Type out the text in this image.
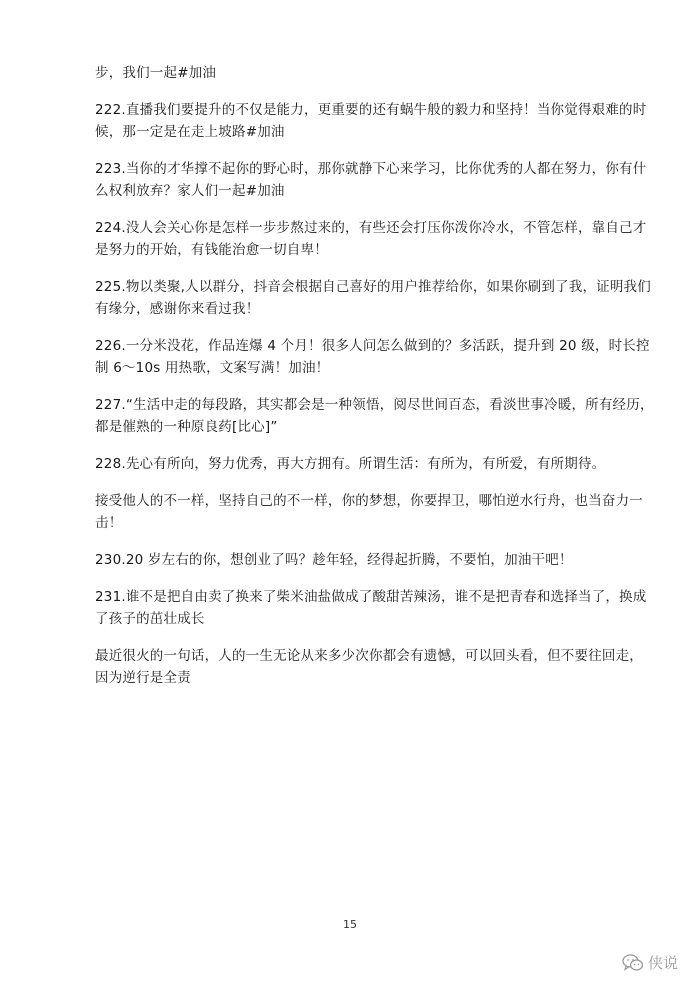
步，我们一起#加油

222.直播我们要提升的不仅是能力，更重要的还有蜗牛般的毅力和坚持！当你觉得艰难的时候，那一定是在走上坡路#加油

223.当你的才华撑不起你的野心时，那你就静下心来学习，比你优秀的人都在努力，你有什么权利放弃？家人们一起#加油

224.没人会关心你是怎样一步步熬过来的，有些还会打压你泼你冷水，不管怎样，靠自己才是努力的开始，有钱能治愈一切自卑！

225.物以类聚,人以群分，抖音会根据自己喜好的用户推荐给你，如果你刷到了我，证明我们有缘分，感谢你来看过我！

226.一分米没花，作品连爆 4 个月！很多人问怎么做到的？多活跃，提升到 20 级，时长控制 6～10s 用热歌，文案写满！加油！

227.“生活中走的每段路，其实都会是一种领悟，阅尽世间百态，看淡世事冷暖，所有经历，都是催熟的一种原良药[比心]”

228.先心有所向，努力优秀，再大方拥有。所谓生活：有所为，有所爱，有所期待。

接受他人的不一样，坚持自己的不一样，你的梦想，你要捍卫，哪怕逆水行舟，也当奋力一击！

230.20 岁左右的你，想创业了吗？趁年轻，经得起折腾，不要怕，加油干吧！

231.谁不是把自由卖了换来了柴米油盐做成了酸甜苦辣汤，谁不是把青春和选择当了，换成了孩子的茁壮成长

最近很火的一句话，人的一生无论从来多少次你都会有遗憾，可以回头看，但不要往回走，因为逆行是全责

15
侠说
